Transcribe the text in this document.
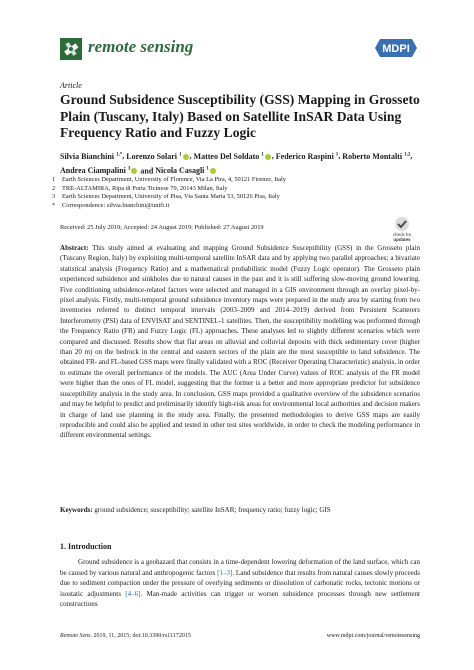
remote sensing	MDPI
Article
Ground Subsidence Susceptibility (GSS) Mapping in Grosseto Plain (Tuscany, Italy) Based on Satellite InSAR Data Using Frequency Ratio and Fuzzy Logic
Silvia Bianchini $^{1,*}$, Lorenzo Solari $^1$ , Matteo Del Soldato $^1$ , Federico Raspini $^1$, Roberto Montalti $^{1,2}$, Andrea Ciampalini $^3$ and Nicola Casagli $^1$
1 Earth Sciences Department, University of Florence, Via La Pira, 4, 50121 Firenze, Italy
2 TRE-ALTAMIRA, Ripa di Porta Ticinese 79, 20143 Milan, Italy
3 Earth Sciences Department, University of Pisa, Via Santa Maria 53, 50126 Pisa, Italy
* Correspondence: silvia.bianchini@unifi.it
check for
updates
Received: 25 July 2019; Accepted: 24 August 2019; Published: 27 August 2019

Abstract: This study aimed at evaluating and mapping Ground Subsidence Susceptibility (GSS) in the Grosseto plain (Tuscany Region, Italy) by exploiting multi-temporal satellite InSAR data and by applying two parallel approaches; a bivariate statistical analysis (Frequency Ratio) and a mathematical probabilistic model (Fuzzy Logic operator). The Grosseto plain experienced subsidence and sinkholes due to natural causes in the past and it is still suffering slow-moving ground lowering. Five conditioning subsidence-related factors were selected and managed in a GIS environment through an overlay pixel-by-pixel analysis. Firstly, multi-temporal ground subsidence inventory maps were prepared in the study area by starting from two inventories referred to distinct temporal intervals (2003–2009 and 2014–2019) derived from Persistent Scatterers Interferometry (PSI) data of ENVISAT and SENTINEL-1 satellites. Then, the susceptibility modelling was performed through the Frequency Ratio (FR) and Fuzzy Logic (FL) approaches. These analyses led to slightly different scenarios which were compared and discussed. Results show that flat areas on alluvial and colluvial deposits with thick sedimentary cover (higher than 20 m) on the bedrock in the central and eastern sectors of the plain are the most susceptible to land subsidence. The obtained FR- and FL-based GSS maps were finally validated with a ROC (Receiver Operating Characteristic) analysis, in order to estimate the overall performance of the models. The AUC (Area Under Curve) values of ROC analysis of the FR model were higher than the ones of FL model, suggesting that the former is a better and more appropriate predictor for subsidence susceptibility analysis in the study area. In conclusion, GSS maps provided a qualitative overview of the subsidence scenarios and may be helpful to predict and preliminarily identify high-risk areas for environmental local authorities and decision makers in charge of land use planning in the study area. Finally, the presented methodologies to derive GSS maps are easily reproducible and could also be applied and tested in other test sites worldwide, in order to check the modeling performance in different environmental settings.

Keywords: ground subsidence; susceptibility; satellite InSAR; frequency ratio; fuzzy logic; GIS
1. Introduction

Ground subsidence is a geohazard that consists in a time-dependent lowering deformation of the land surface, which can be caused by various natural and anthropogenic factors [1–3]. Land subsidence that results from natural causes slowly proceeds due to sediment compaction under the pressure of overlying sediments or dissolution of carbonatic rocks, tectonic motions or isostatic adjustments [4–6]. Man-made activities can trigger or worsen subsidence processes through new settlement constructions

Remote Sens. 2019, 11, 2015; doi:10.3390/rs11172015	www.mdpi.com/journal/remotesensing
